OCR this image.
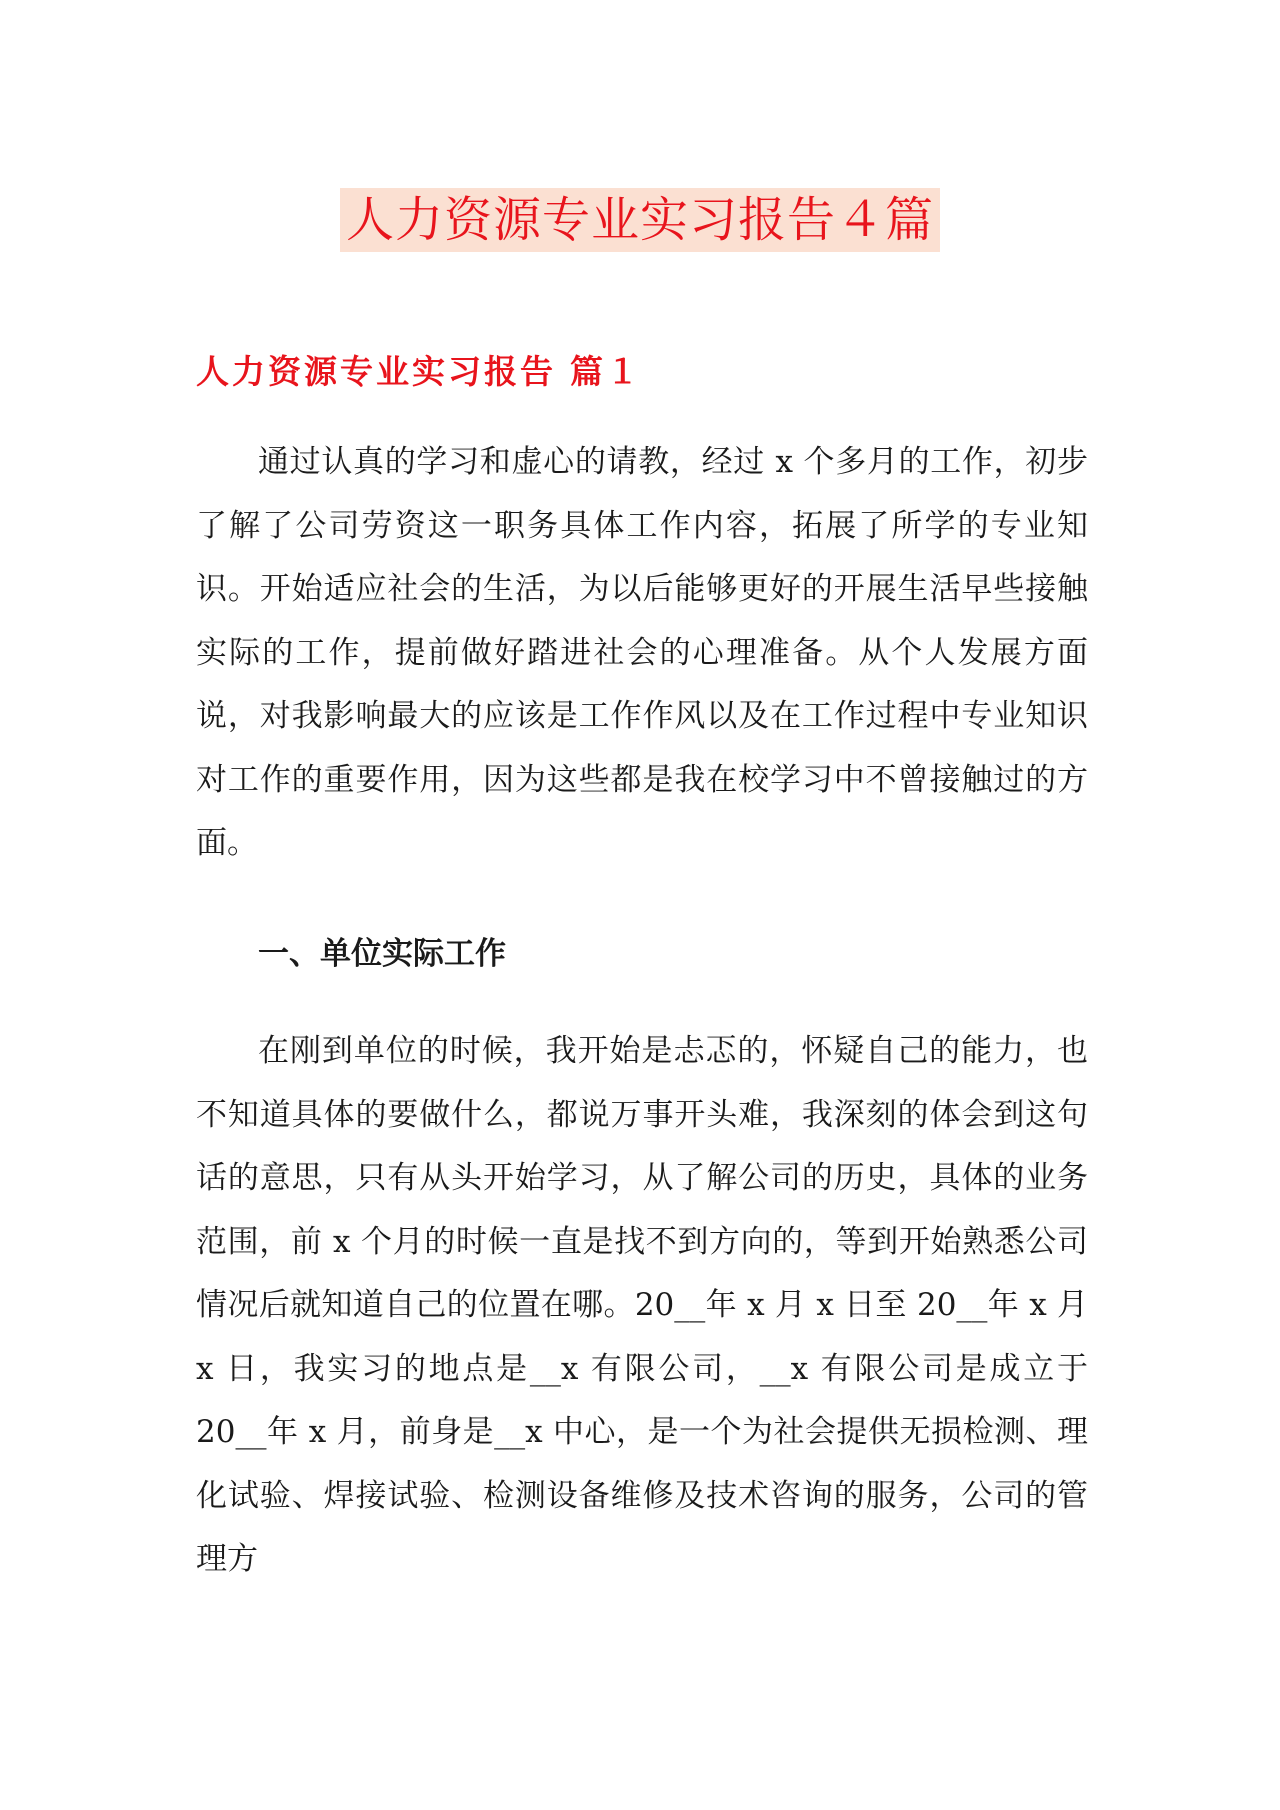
人力资源专业实习报告４篇
人力资源专业实习报告 篇１

通过认真的学习和虚心的请教，经过 x 个多月的工作，初步了解了公司劳资这一职务具体工作内容，拓展了所学的专业知识。开始适应社会的生活，为以后能够更好的开展生活早些接触实际的工作，提前做好踏进社会的心理准备。从个人发展方面说，对我影响最大的应该是工作作风以及在工作过程中专业知识对工作的重要作用，因为这些都是我在校学习中不曾接触过的方面。

一、单位实际工作

在刚到单位的时候，我开始是忐忑的，怀疑自己的能力，也不知道具体的要做什么，都说万事开头难，我深刻的体会到这句话的意思，只有从头开始学习，从了解公司的历史，具体的业务范围，前 x 个月的时候一直是找不到方向的，等到开始熟悉公司情况后就知道自己的位置在哪。20__年 x 月 x 日至 20__年 x 月 x 日，我实习的地点是__x 有限公司，__x 有限公司是成立于 20__年 x 月，前身是__x 中心，是一个为社会提供无损检测、理化试验、焊接试验、检测设备维修及技术咨询的服务，公司的管理方
